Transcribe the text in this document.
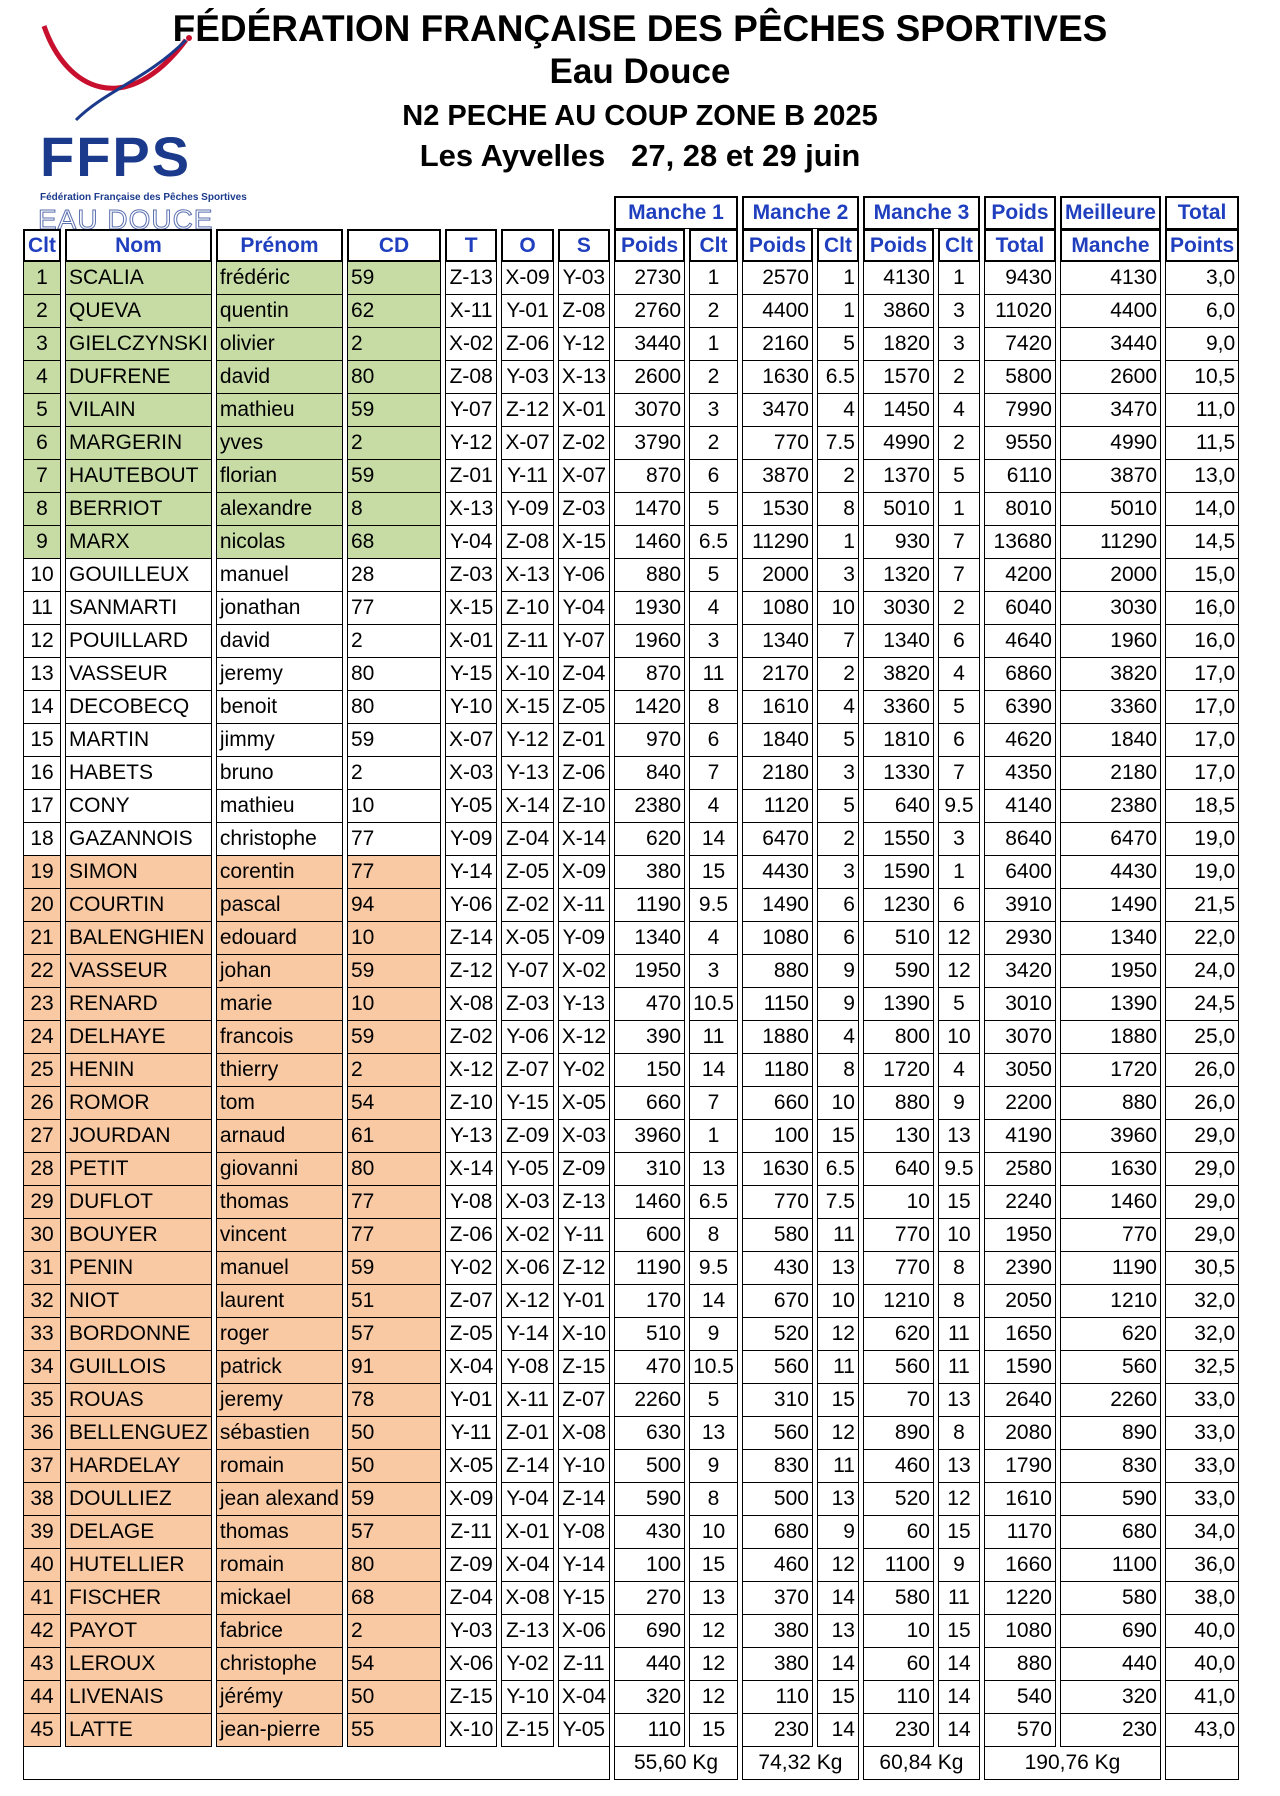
FFPS
Fédération Française des Pêches Sportives
EAU DOUCE
FÉDÉRATION FRANÇAISE DES PÊCHES SPORTIVES
Eau Douce
N2 PECHE AU COUP ZONE B 2025
Les Ayvelles   27, 28 et 29 juin
							Manche 1		Manche 2		Manche 3		Poids	Meilleure	Total
Clt	Nom	Prénom	CD	T	O	S	Poids	Clt	Poids	Clt	Poids	Clt	Total	Manche	Points
1	SCALIA	frédéric	59	Z-13	X-09	Y-03	2730	1	2570	1	4130	1	9430	4130	3,0
2	QUEVA	quentin	62	X-11	Y-01	Z-08	2760	2	4400	1	3860	3	11020	4400	6,0
3	GIELCZYNSKI	olivier	2	X-02	Z-06	Y-12	3440	1	2160	5	1820	3	7420	3440	9,0
4	DUFRENE	david	80	Z-08	Y-03	X-13	2600	2	1630	6.5	1570	2	5800	2600	10,5
5	VILAIN	mathieu	59	Y-07	Z-12	X-01	3070	3	3470	4	1450	4	7990	3470	11,0
6	MARGERIN	yves	2	Y-12	X-07	Z-02	3790	2	770	7.5	4990	2	9550	4990	11,5
7	HAUTEBOUT	florian	59	Z-01	Y-11	X-07	870	6	3870	2	1370	5	6110	3870	13,0
8	BERRIOT	alexandre	8	X-13	Y-09	Z-03	1470	5	1530	8	5010	1	8010	5010	14,0
9	MARX	nicolas	68	Y-04	Z-08	X-15	1460	6.5	11290	1	930	7	13680	11290	14,5
10	GOUILLEUX	manuel	28	Z-03	X-13	Y-06	880	5	2000	3	1320	7	4200	2000	15,0
11	SANMARTI	jonathan	77	X-15	Z-10	Y-04	1930	4	1080	10	3030	2	6040	3030	16,0
12	POUILLARD	david	2	X-01	Z-11	Y-07	1960	3	1340	7	1340	6	4640	1960	16,0
13	VASSEUR	jeremy	80	Y-15	X-10	Z-04	870	11	2170	2	3820	4	6860	3820	17,0
14	DECOBECQ	benoit	80	Y-10	X-15	Z-05	1420	8	1610	4	3360	5	6390	3360	17,0
15	MARTIN	jimmy	59	X-07	Y-12	Z-01	970	6	1840	5	1810	6	4620	1840	17,0
16	HABETS	bruno	2	X-03	Y-13	Z-06	840	7	2180	3	1330	7	4350	2180	17,0
17	CONY	mathieu	10	Y-05	X-14	Z-10	2380	4	1120	5	640	9.5	4140	2380	18,5
18	GAZANNOIS	christophe	77	Y-09	Z-04	X-14	620	14	6470	2	1550	3	8640	6470	19,0
19	SIMON	corentin	77	Y-14	Z-05	X-09	380	15	4430	3	1590	1	6400	4430	19,0
20	COURTIN	pascal	94	Y-06	Z-02	X-11	1190	9.5	1490	6	1230	6	3910	1490	21,5
21	BALENGHIEN	edouard	10	Z-14	X-05	Y-09	1340	4	1080	6	510	12	2930	1340	22,0
22	VASSEUR	johan	59	Z-12	Y-07	X-02	1950	3	880	9	590	12	3420	1950	24,0
23	RENARD	marie	10	X-08	Z-03	Y-13	470	10.5	1150	9	1390	5	3010	1390	24,5
24	DELHAYE	francois	59	Z-02	Y-06	X-12	390	11	1880	4	800	10	3070	1880	25,0
25	HENIN	thierry	2	X-12	Z-07	Y-02	150	14	1180	8	1720	4	3050	1720	26,0
26	ROMOR	tom	54	Z-10	Y-15	X-05	660	7	660	10	880	9	2200	880	26,0
27	JOURDAN	arnaud	61	Y-13	Z-09	X-03	3960	1	100	15	130	13	4190	3960	29,0
28	PETIT	giovanni	80	X-14	Y-05	Z-09	310	13	1630	6.5	640	9.5	2580	1630	29,0
29	DUFLOT	thomas	77	Y-08	X-03	Z-13	1460	6.5	770	7.5	10	15	2240	1460	29,0
30	BOUYER	vincent	77	Z-06	X-02	Y-11	600	8	580	11	770	10	1950	770	29,0
31	PENIN	manuel	59	Y-02	X-06	Z-12	1190	9.5	430	13	770	8	2390	1190	30,5
32	NIOT	laurent	51	Z-07	X-12	Y-01	170	14	670	10	1210	8	2050	1210	32,0
33	BORDONNE	roger	57	Z-05	Y-14	X-10	510	9	520	12	620	11	1650	620	32,0
34	GUILLOIS	patrick	91	X-04	Y-08	Z-15	470	10.5	560	11	560	11	1590	560	32,5
35	ROUAS	jeremy	78	Y-01	X-11	Z-07	2260	5	310	15	70	13	2640	2260	33,0
36	BELLENGUEZ	sébastien	50	Y-11	Z-01	X-08	630	13	560	12	890	8	2080	890	33,0
37	HARDELAY	romain	50	X-05	Z-14	Y-10	500	9	830	11	460	13	1790	830	33,0
38	DOULLIEZ	jean alexand	59	X-09	Y-04	Z-14	590	8	500	13	520	12	1610	590	33,0
39	DELAGE	thomas	57	Z-11	X-01	Y-08	430	10	680	9	60	15	1170	680	34,0
40	HUTELLIER	romain	80	Z-09	X-04	Y-14	100	15	460	12	1100	9	1660	1100	36,0
41	FISCHER	mickael	68	Z-04	X-08	Y-15	270	13	370	14	580	11	1220	580	38,0
42	PAYOT	fabrice	2	Y-03	Z-13	X-06	690	12	380	13	10	15	1080	690	40,0
43	LEROUX	christophe	54	X-06	Y-02	Z-11	440	12	380	14	60	14	880	440	40,0
44	LIVENAIS	jérémy	50	Z-15	Y-10	X-04	320	12	110	15	110	14	540	320	41,0
45	LATTE	jean-pierre	55	X-10	Z-15	Y-05	110	15	230	14	230	14	570	230	43,0
							55,60 Kg		74,32 Kg		60,84 Kg		190,76 Kg		
